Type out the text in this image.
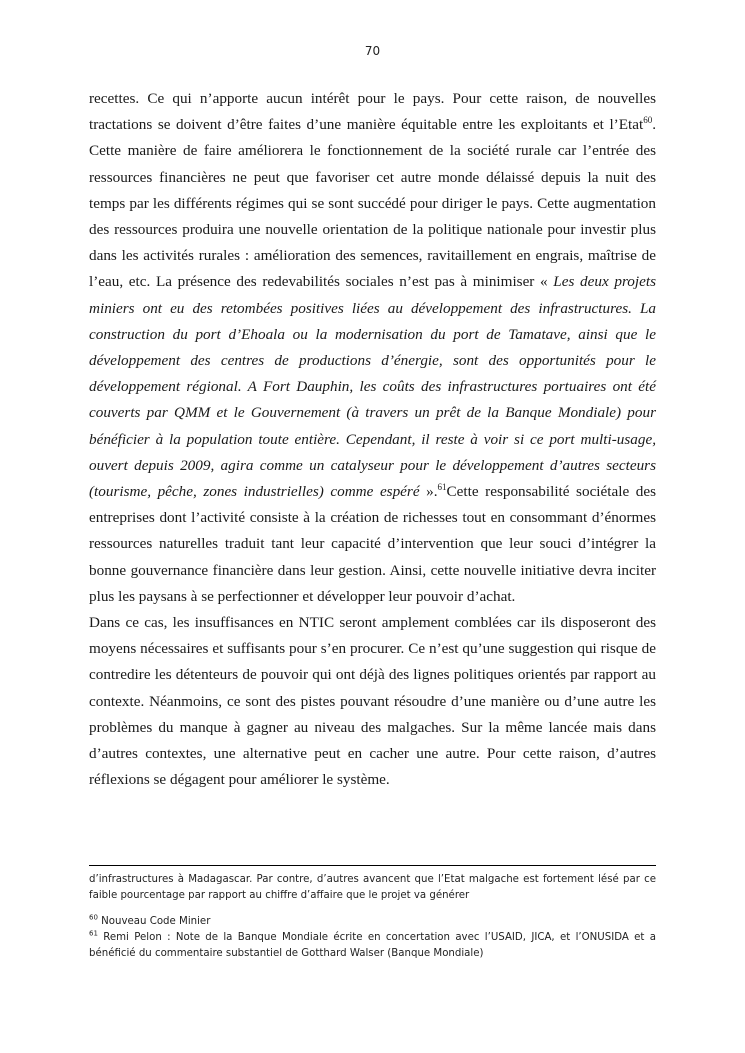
70

recettes. Ce qui n’apporte aucun intérêt pour le pays. Pour cette raison, de nouvelles tractations se doivent d’être faites d’une manière équitable entre les exploitants et l’Etat$^{60}$. Cette manière de faire améliorera le fonctionnement de la société rurale car l’entrée des ressources financières ne peut que favoriser cet autre monde délaissé depuis la nuit des temps par les différents régimes qui se sont succédé pour diriger le pays. Cette augmentation des ressources produira une nouvelle orientation de la politique nationale pour investir plus dans les activités rurales : amélioration des semences, ravitaillement en engrais, maîtrise de l’eau, etc. La présence des redevabilités sociales n’est pas à minimiser « Les deux projets miniers ont eu des retombées positives liées au développement des infrastructures. La construction du port d’Ehoala ou la modernisation du port de Tamatave, ainsi que le développement des centres de productions d’énergie, sont des opportunités pour le développement régional. A Fort Dauphin, les coûts des infrastructures portuaires ont été couverts par QMM et le Gouvernement (à travers un prêt de la Banque Mondiale) pour bénéficier à la population toute entière. Cependant, il reste à voir si ce port multi-usage, ouvert depuis 2009, agira comme un catalyseur pour le développement d’autres secteurs (tourisme, pêche, zones industrielles) comme espéré ».$^{61}$Cette responsabilité sociétale des entreprises dont l’activité consiste à la création de richesses tout en consommant d’énormes ressources naturelles traduit tant leur capacité d’intervention que leur souci d’intégrer la bonne gouvernance financière dans leur gestion. Ainsi, cette nouvelle initiative devra inciter plus les paysans à se perfectionner et développer leur pouvoir d’achat.

Dans ce cas, les insuffisances en NTIC seront amplement comblées car ils disposeront des moyens nécessaires et suffisants pour s’en procurer. Ce n’est qu’une suggestion qui risque de contredire les détenteurs de pouvoir qui ont déjà des lignes politiques orientés par rapport au contexte. Néanmoins, ce sont des pistes pouvant résoudre d’une manière ou d’une autre les problèmes du manque à gagner au niveau des malgaches. Sur la même lancée mais dans d’autres contextes, une alternative peut en cacher une autre. Pour cette raison, d’autres réflexions se dégagent pour améliorer le système.

d’infrastructures à Madagascar. Par contre, d’autres avancent que l’Etat malgache est fortement lésé par ce faible pourcentage par rapport au chiffre d’affaire que le projet va générer

$^{60}$ Nouveau Code Minier

$^{61}$ Remi Pelon : Note de la Banque Mondiale écrite en concertation avec l’USAID, JICA, et l’ONUSIDA et a bénéficié du commentaire substantiel de Gotthard Walser (Banque Mondiale)
